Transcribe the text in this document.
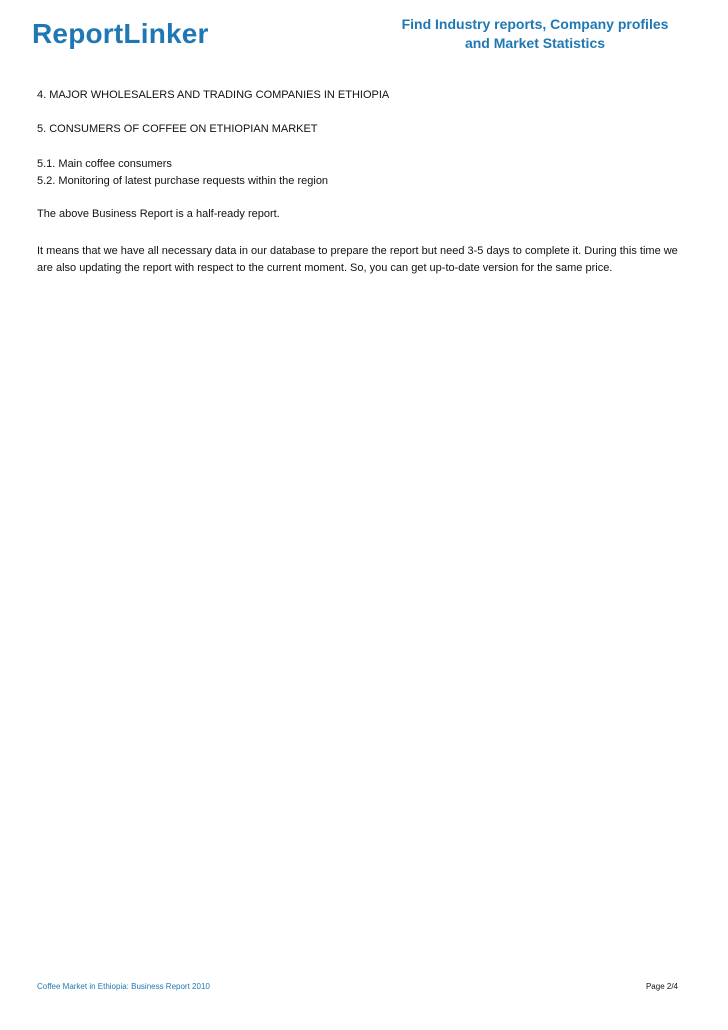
ReportLinker	Find Industry reports, Company profiles
and Market Statistics
4. MAJOR WHOLESALERS AND TRADING COMPANIES IN ETHIOPIA
5. CONSUMERS OF COFFEE ON ETHIOPIAN MARKET

5.1. Main coffee consumers

5.2. Monitoring of latest purchase requests within the region

The above Business Report is a half-ready report.

It means that we have all necessary data in our database to prepare the report but need 3-5 days to complete it. During this time we

are also updating the report with respect to the current moment. So, you can get up-to-date version for the same price.

Coffee Market in Ethiopia: Business Report 2010	Page 2/4
